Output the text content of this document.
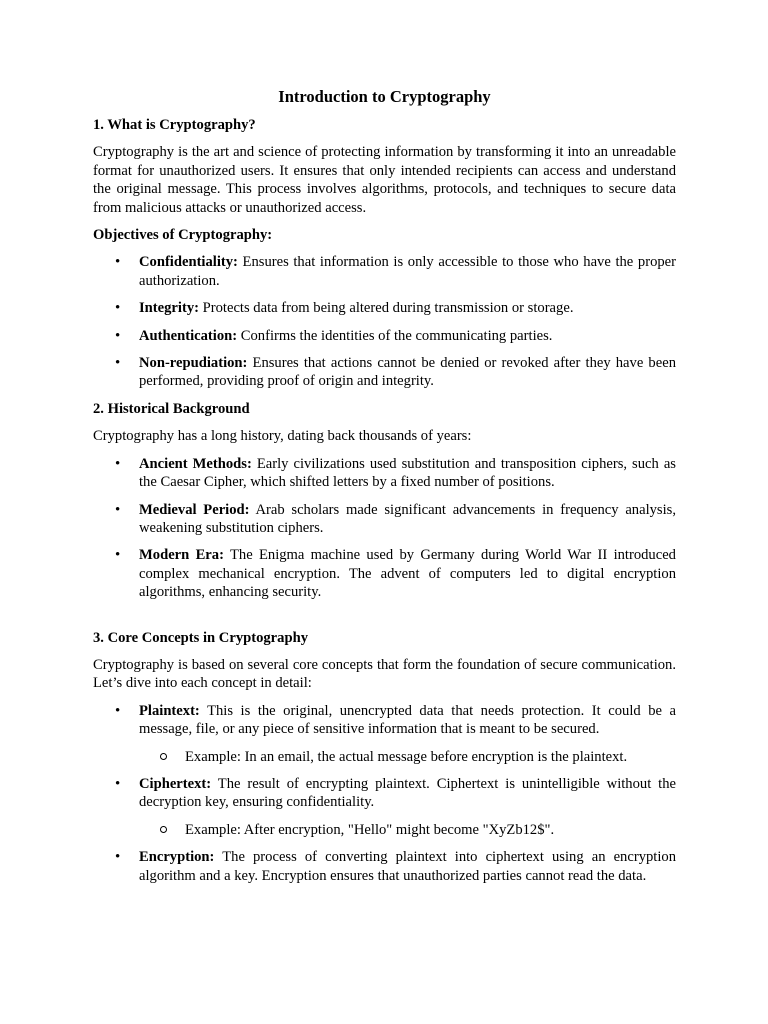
Introduction to Cryptography
1. What is Cryptography?

Cryptography is the art and science of protecting information by transforming it into an unreadable format for unauthorized users. It ensures that only intended recipients can access and understand the original message. This process involves algorithms, protocols, and techniques to secure data from malicious attacks or unauthorized access.

Objectives of Cryptography:
• Confidentiality: Ensures that information is only accessible to those who have the proper authorization.
• Integrity: Protects data from being altered during transmission or storage.
• Authentication: Confirms the identities of the communicating parties.
• Non-repudiation: Ensures that actions cannot be denied or revoked after they have been performed, providing proof of origin and integrity.
2. Historical Background

Cryptography has a long history, dating back thousands of years:

• Ancient Methods: Early civilizations used substitution and transposition ciphers, such as the Caesar Cipher, which shifted letters by a fixed number of positions.
• Medieval Period: Arab scholars made significant advancements in frequency analysis, weakening substitution ciphers.
• Modern Era: The Enigma machine used by Germany during World War II introduced complex mechanical encryption. The advent of computers led to digital encryption algorithms, enhancing security.
3. Core Concepts in Cryptography

Cryptography is based on several core concepts that form the foundation of secure communication. Let’s dive into each concept in detail:

• Plaintext: This is the original, unencrypted data that needs protection. It could be a message, file, or any piece of sensitive information that is meant to be secured.
Example: In an email, the actual message before encryption is the plaintext.
• Ciphertext: The result of encrypting plaintext. Ciphertext is unintelligible without the decryption key, ensuring confidentiality.
Example: After encryption, "Hello" might become "XyZb12$".
• Encryption: The process of converting plaintext into ciphertext using an encryption algorithm and a key. Encryption ensures that unauthorized parties cannot read the data.
